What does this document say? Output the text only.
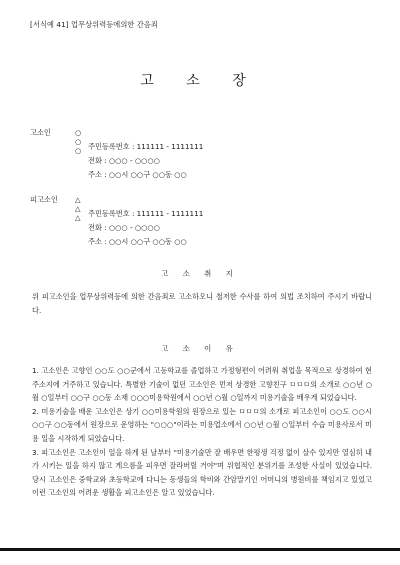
[서식예 41] 업무상위력등에의한 간음죄
고 소 장
고소인	○ ○ ○ 주민등록번호 : 111111 - 1111111
전화 : ○○○ - ○○○○
주소 : ○○시 ○○구 ○○동 ○○
피고소인	△ △ △ 주민등록번호 : 111111 - 1111111
전화 : ○○○ - ○○○○
주소 : ○○시 ○○구 ○○동 ○○
고 소 취 지

위 피고소인을 업무상위력등에 의한 간음죄로 고소하오니 철저한 수사를 하여 의법 조치하여 주시기 바랍니다.

고 소 이 유

1. 고소인은 고향인 ○○도 ○○군에서 고등학교를 졸업하고 가정형편이 어려워 취업을 목적으로 상경하여 현 주소지에 거주하고 있습니다. 특별한 기술이 없던 고소인은 먼저 상경한 고향친구 ㅁㅁㅁ의 소개로 ○○년 ○월 ○일부터 ○○구 ○○동 소재 ○○○미용학원에서 ○○년 ○월 ○일까지 미용기술을 배우게 되었습니다.

2. 미용기술을 배운 고소인은 상기 ○○미용학원의 원장으로 있는 ㅁㅁㅁ의 소개로 피고소인이 ○○도 ○○시 ○○구 ○○동에서 원장으로 운영하는 "○○○"이라는 미용업소에서 ○○년 ○월 ○일부터 수습 미용사로서 미용 일을 시작하게 되었습니다.

3. 피고소인은 고소인이 일을 하게 된 날부터 "미용기술만 잘 배우면 한평생 걱정 없이 살수 있지만 열심히 내가 시키는 일을 하지 않고 게으름을 피우면 잘라버릴 거야"며 위협적인 분위기를 조성한 사실이 있었습니다. 당시 고소인은 중학교와 초등학교에 다니는 동생들의 학비와 간암말기인 어머니의 병원비를 책임지고 있었고 이런 고소인의 어려운 생활을 피고소인은 알고 있었습니다.
